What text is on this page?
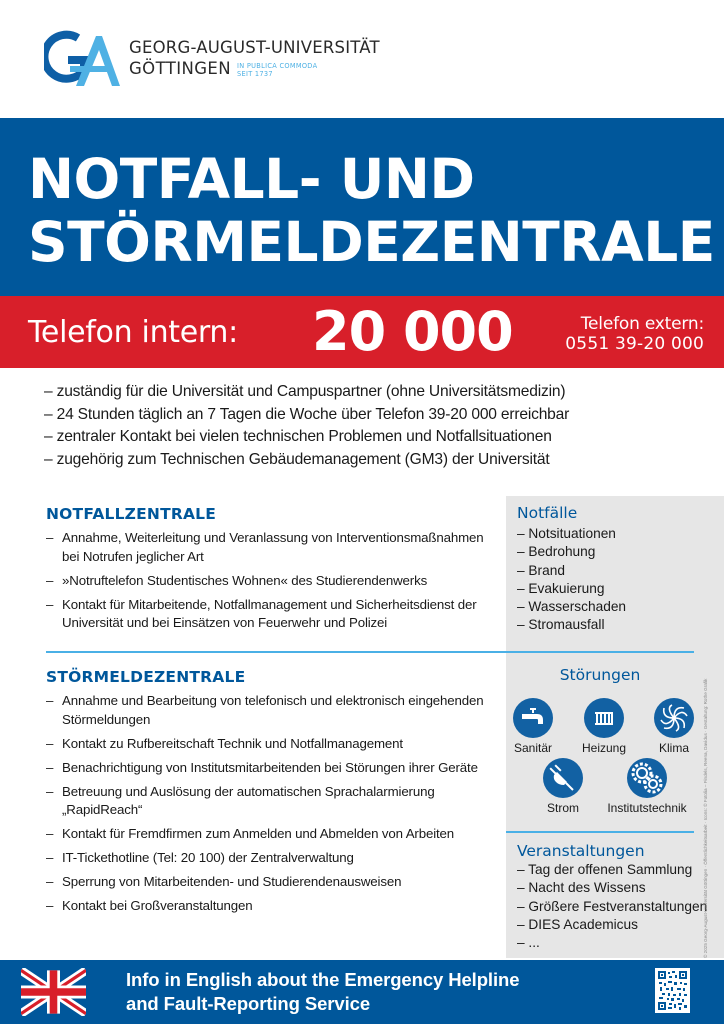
GEORG-AUGUST-UNIVERSITÄT
GÖTTINGEN IN PUBLICA COMMODA
SEIT 1737
NOTFALL- UND
STÖRMELDEZENTRALE
Telefon intern: 20 000	Telefon extern:
0551 39-20 000
– zuständig für die Universität und Campuspartner (ohne Universitätsmedizin)
– 24 Stunden täglich an 7 Tagen die Woche über Telefon 39-20 000 erreichbar
– zentraler Kontakt bei vielen technischen Problemen und Notfallsituationen
– zugehörig zum Technischen Gebäudemanagement (GM3) der Universität
NOTFALLZENTRALE
– Annahme, Weiterleitung und Veranlassung von Interventionsmaßnahmen bei Notrufen jeglicher Art
– »Notruftelefon Studentisches Wohnen« des Studierendenwerks
– Kontakt für Mitarbeitende, Notfallmanagement und Sicherheitsdienst der Universität und bei Einsätzen von Feuerwehr und Polizei
STÖRMELDEZENTRALE
– Annahme und Bearbeitung von telefonisch und elektronisch eingehenden Störmeldungen
– Kontakt zu Rufbereitschaft Technik und Notfallmanagement
– Benachrichtigung von Institutsmitarbeitenden bei Störungen ihrer Geräte
– Betreuung und Auslösung der automatischen Sprachalarmierung „RapidReach“
– Kontakt für Fremdfirmen zum Anmelden und Abmelden von Arbeiten
– IT-Tickethotline (Tel: 20 100) der Zentralverwaltung
– Sperrung von Mitarbeitenden- und Studierendenausweisen
– Kontakt bei Großveranstaltungen
Notfälle
– Notsituationen
– Bedrohung
– Brand
– Evakuierung
– Wasserschaden
– Stromausfall
Störungen
Sanitär	Heizung	Klima
Strom	Institutstechnik
Veranstaltungen
– Tag der offenen Sammlung
– Nacht des Wissens
– Größere Festveranstaltungen
– DIES Academicus
– ...	© 2025 Georg-August-Universität Göttingen · Öffentlichkeitsarbeit · Icons: © Fotolia – Findels, Reena, Davidus · Gestaltung: Rothe Grafik
Info in English about the Emergency Helpline
and Fault-Reporting Service
